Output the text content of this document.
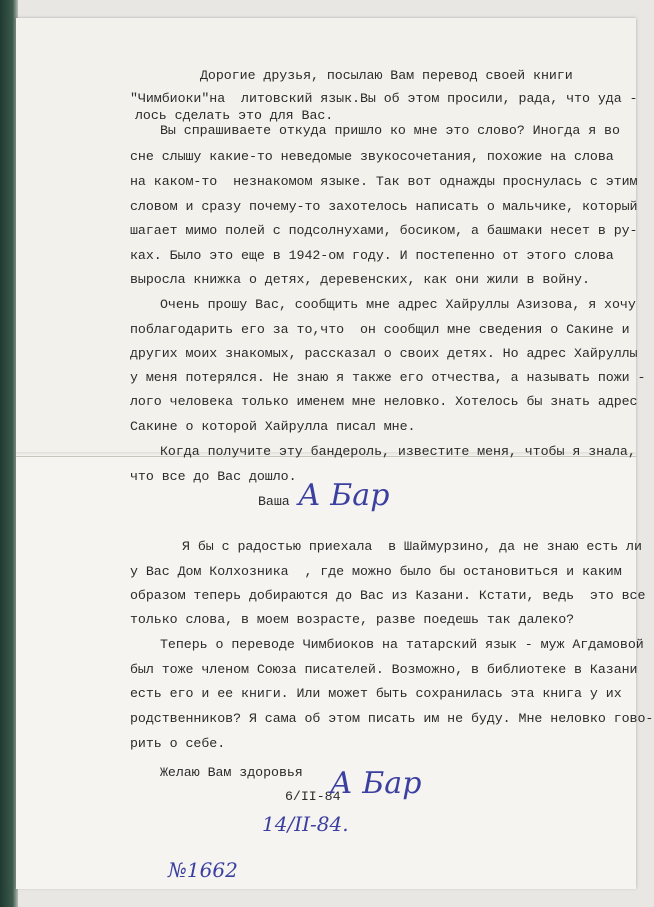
Дорогие друзья, посылаю Вам перевод своей книги
"Чимбиоки"на  литовский язык.Вы об этом просили, рада, что уда -
лось сделать это для Вас.
Вы спрашиваете откуда пришло ко мне это слово? Иногда я во
сне слышу какие-то неведомые звукосочетания, похожие на слова
на каком-то  незнакомом языке. Так вот однажды проснулась с этим
словом и сразу почему-то захотелось написать о мальчике, который
шагает мимо полей с подсолнухами, босиком, а башмаки несет в ру-
ках. Было это еще в 1942-ом году. И постепенно от этого слова
выросла книжка о детях, деревенских, как они жили в войну.
Очень прошу Вас, сообщить мне адрес Хайруллы Азизова, я хочу
поблагодарить его за то,что  он сообщил мне сведения о Сакине и
других моих знакомых, рассказал о своих детях. Но адрес Хайруллы
у меня потерялся. Не знаю я также его отчества, а называть пожи -
лого человека только именем мне неловко. Хотелось бы знать адрес
Сакине о которой Хайрулла писал мне.
Когда получите эту бандероль, известите меня, чтобы я знала,
что все до Вас дошло.
Ваша А Бар
Я бы с радостью приехала  в Шаймурзино, да не знаю есть ли
у Вас Дом Колхозника  , где можно было бы остановиться и каким
образом теперь добираются до Вас из Казани. Кстати, ведь  это все
только слова, в моем возрасте, разве поедешь так далеко?
Теперь о переводе Чимбиоков на татарский язык - муж Агдамовой
был тоже членом Союза писателей. Возможно, в библиотеке в Казани
есть его и ее книги. Или может быть сохранилась эта книга у их
родственников? Я сама об этом писать им не буду. Мне неловко гово-
рить о себе.
Желаю Вам здоровья
6/II-84
А Бар
14/II-84.
№1662
